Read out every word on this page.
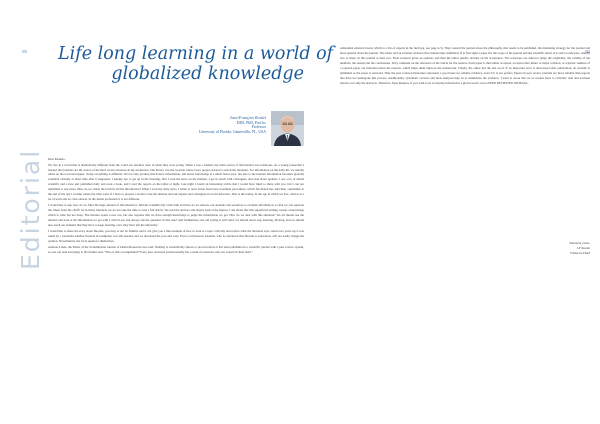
Editorial
Life long learning in a world of
globalized knowledge
Jean-François Roulet
DDS, PhD, Prof.hc
Professor
University of Florida, Gainesville, FL, USA
Dear Readers,

We live in a world that is dramatically different from the world our teachers were in when they were young. When I was a student, my main source of information was textbooks. As a young researcher I learned that journals are the source of the most recent advances in my profession. The library was the location where every project started to search the literature. For information on the daily life we usually relied on the local newspaper. Today everything is different. We not only produce much more information, and newer knowledge at a much faster pace, but also to the internet information becomes globally available virtually at short time after it happened. I usually use to get up in the morning, first I scan the news on the internet, I get in touch with colleagues, and read about updates. I see a lot of dental scientific and a new text published daily and even a book, and I read the reports on the tablet at night. Last night I found an interesting article that I would have liked to share with you, but I can not remember it any more. How do we check the truth in all this information? When I scan my daily news, I listen to news feeds about new treatment procedures, which fascinated me. And then, sometimes at the end of the day I wonder where my time went. If I have to prepare a lecture I use the internet and ask experts and colleagues in social networks. That is the reality, in the age in which we live, often it is a lot of work and no clear answer. In the dental profession it is not different.

I would like to ask, how do we filter the huge amount of information to find the scientifically valid truth and how do we educate our students and ourselves to evaluate information, so that we can separate the wheat from the chaff? As in many instances we do not take the time to read a full article. We read the abstract and maybe look at the figures. I am afraid that this superficial reading creates a knowledge which is wide but not deep. The internet opens a new era, but also requires that we have enough knowledge to judge the information we get. How do we deal with this situation? We all should use the internet and look at the information we get with a critical eye and always ask the question: Is this true? And furthermore, the old saying is still valid: we should never stop learning, lifelong, and we should also teach our students that they have to keep learning, once they have left the university.

I would like to share the story about fluoride, you may or not be familiar and it can give you a fine example of how to look at a topic critically and review what the literature says. About two years ago I was asked by a journalist whether fluoride in toothpaste was still needed, and we discussed the pros and cons. Even a well known scientist, who is convinced that fluoride is poisonous, will not easily change his opinion. Nevertheless, the facts speak for themselves.

Andreas Linde, the Editor of the Scandinavian Journal of Dental Research once said: Nothing is scientifically shown or proven before it has been published in a scientific journal with a peer review system, so one can read and judge it. He further said: "How is this accomplished? Every peer reviewed journal usually has a team of reviewers who are experts in their field."

substantial editorial board, which is a list of experts in the field (eg. see page 4-5). They consult the journal about the philosophy, that needs to be published, the marketing strategy for the journal and more general about the journal. The editor and an external reviewer files manuscripts submitted. If at first sight a paper fits the scope of the journal and has scientific merit, it is sent to reviewers, usually two or three; in this journal at least two. Each reviewer gives an opinion, and then the editor usually decides on the acceptance. The reviewers are asked to judge the originality, the validity of the methods, the results and the conclusions. They comment on the relevance of the article for the readers. Each paper is then either accepted, accepted after minor or major revision, or rejected. Authors of a rejected paper are informed about the reasons, which helps them improve the manuscript. Finally, the editor has the last word. If an important error is discovered after publication, an erratum is published or the paper is retracted. Thus the peer reviewed literature represents a good basis for reliable evidence, even if it is not perfect. Papers in peer review journals are more reliable than reports that have not undergone this process. Additionally, systematic reviews and meta-analyses help us to summarize the evidence. I want to stress that we as readers have to critically read and evaluate articles, not only the abstracts. Therefore, Dear Readers, if you wish to be accurately informed in a global world, read a PEER REVIEWED JOURNAL.

Sincerely yours,
J-F Roulet
Editor-in-Chief
